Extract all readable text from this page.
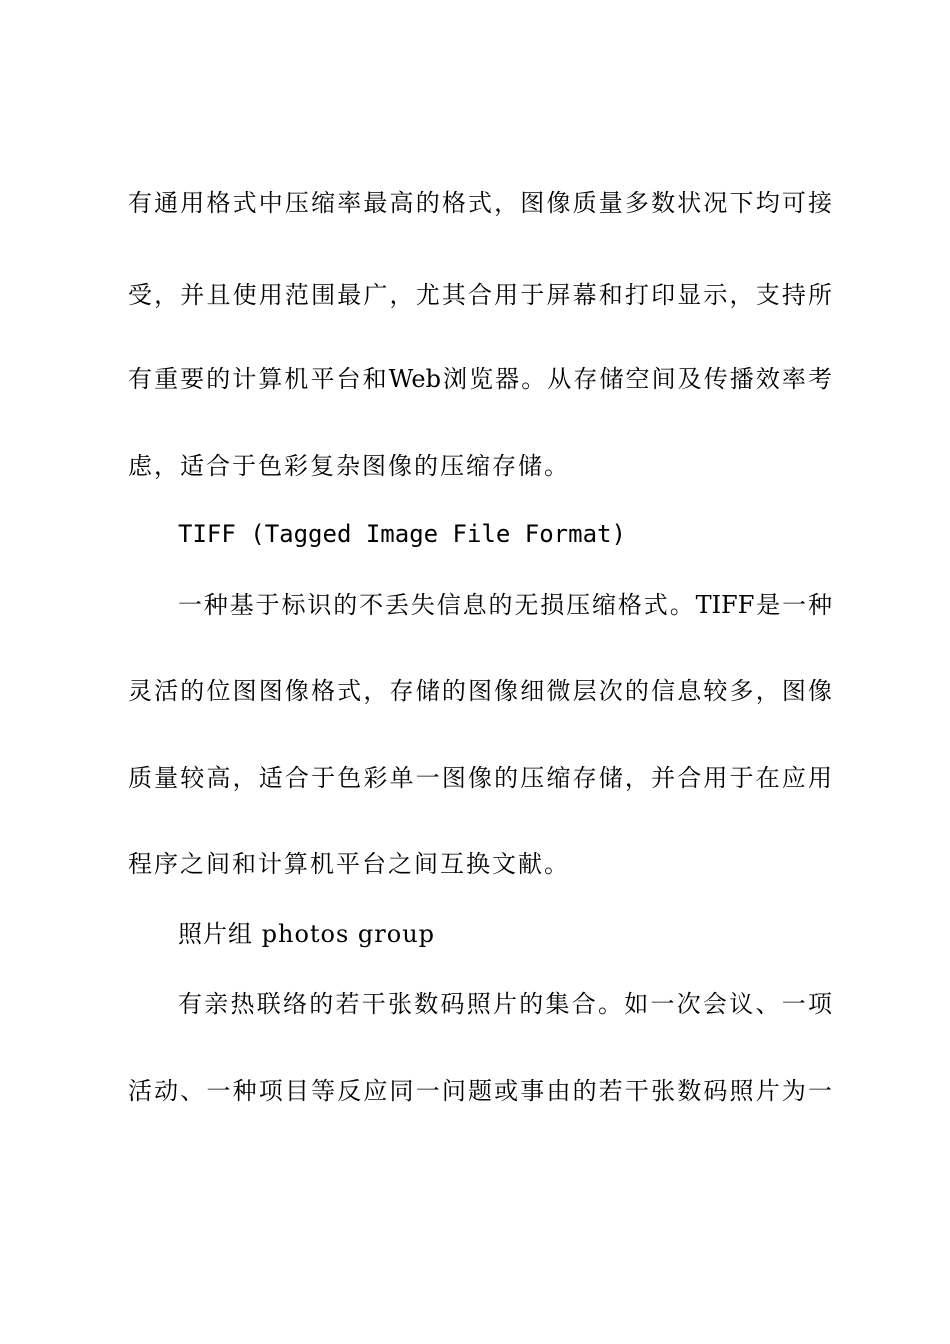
有通用格式中压缩率最高的格式，图像质量多数状况下均可接
受，并且使用范围最广，尤其合用于屏幕和打印显示，支持所
有重要的计算机平台和Web浏览器。从存储空间及传播效率考
虑，适合于色彩复杂图像的压缩存储。
TIFF (Tagged Image File Format)
一种基于标识的不丢失信息的无损压缩格式。TIFF是一种
灵活的位图图像格式，存储的图像细微层次的信息较多，图像
质量较高，适合于色彩单一图像的压缩存储，并合用于在应用
程序之间和计算机平台之间互换文献。
照片组 photos group
有亲热联络的若干张数码照片的集合。如一次会议、一项
活动、一种项目等反应同一问题或事由的若干张数码照片为一
